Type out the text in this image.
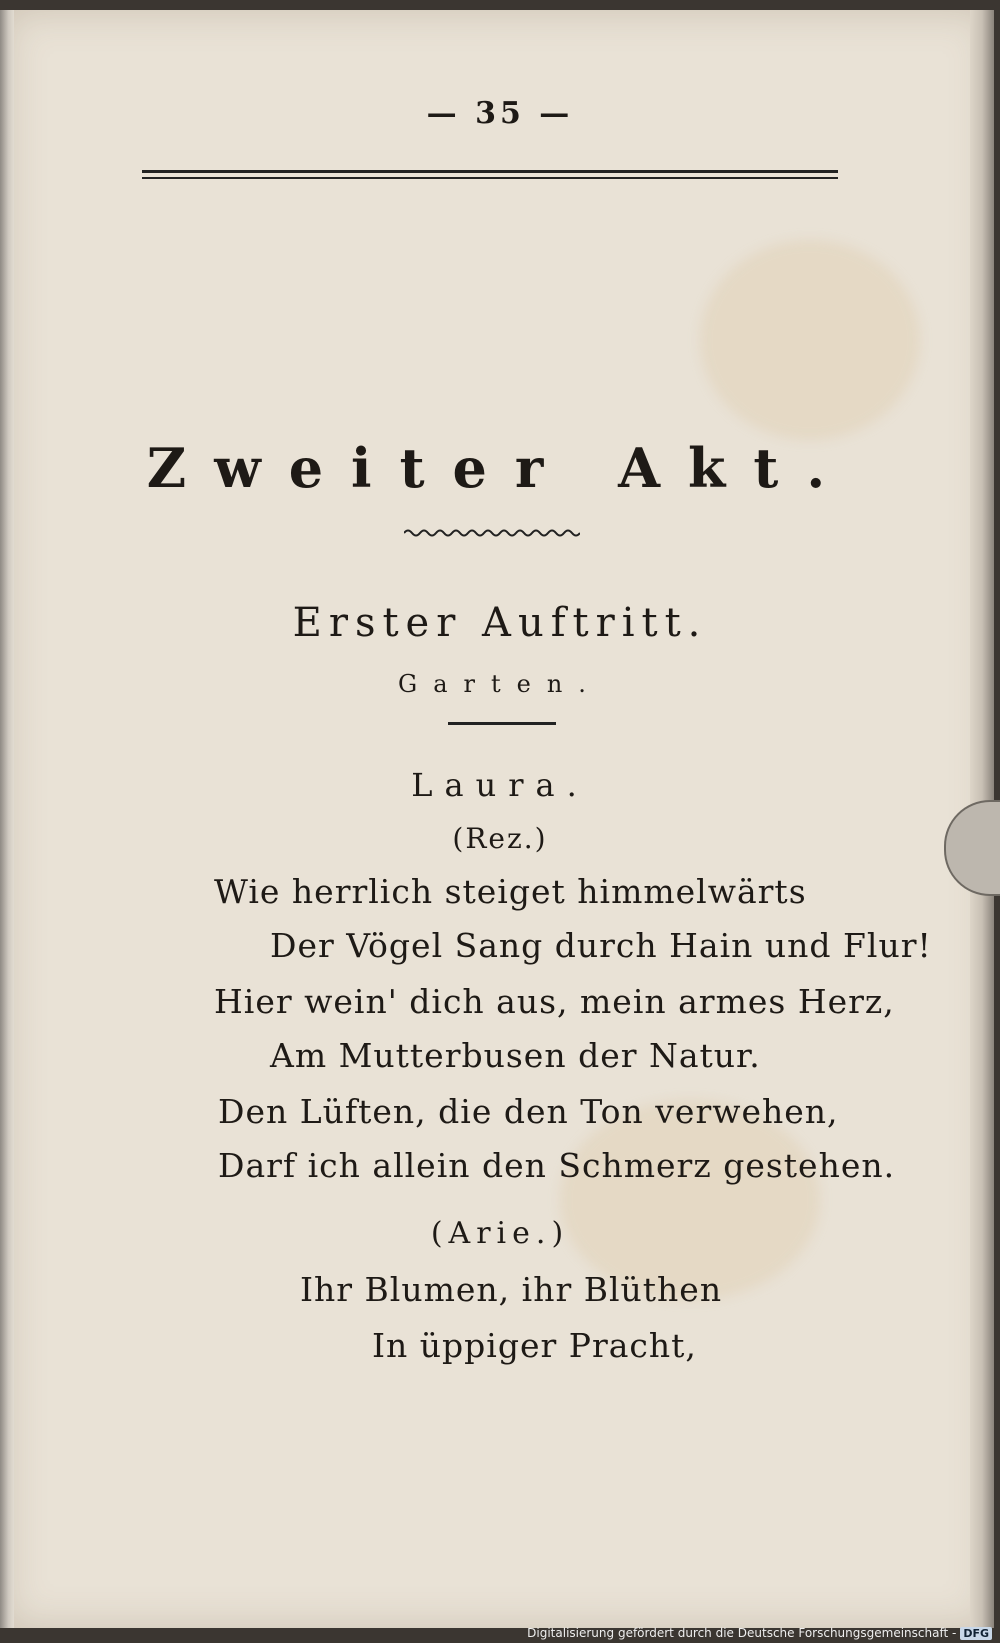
— 35 —
Zweiter Akt.
Erster Auftritt.
Garten.
Laura.
(Rez.)
Wie herrlich steiget himmelwärts
Der Vögel Sang durch Hain und Flur!
Hier wein' dich aus, mein armes Herz,
Am Mutterbusen der Natur.
Den Lüften, die den Ton verwehen,
Darf ich allein den Schmerz gestehen.
(Arie.)
Ihr Blumen, ihr Blüthen
In üppiger Pracht,
Digitalisierung gefördert durch die Deutsche Forschungsgemeinschaft - DFG
